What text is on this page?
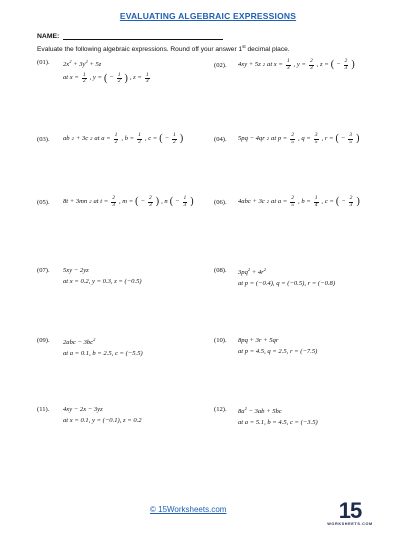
EVALUATING ALGEBRAIC EXPRESSIONS
NAME:
Evaluate the following algebraic expressions. Round off your answer 1st decimal place.
(01). $2x^2 + 3y^2 + 5z$
at $x = \frac{1}{2}$ , y = ( − $\frac{1}{2}$ ) , $z = \frac{1}{3}$
(02). 4xy + 5z 2 at $x = \frac{1}{3}$ , $y = \frac{2}{3}$ , z = ( − $\frac{2}{3}$ )
(03). ab 2 + 3c 2 at $a = \frac{1}{2}$ , $b = \frac{1}{2}$ , c = ( − $\frac{1}{2}$ )	(04). 5pq − 4qr 2 at $p = \frac{2}{5}$ , $q = \frac{3}{5}$ , r = ( − $\frac{3}{5}$ )
(05). 8t + 3mn 2 at $t = \frac{2}{3}$ , m = ( − $\frac{2}{3}$ ) , n ( − $\frac{1}{3}$ )	(06). 4abc + 3c 2 at $a = \frac{2}{5}$ , $b = \frac{1}{4}$ , c = ( − $\frac{2}{3}$ )
(07). 5xy − 2yz
at x = 0.2, y = 0.3, z = (−0.5)
(08). $3pq^2 + 4r^2$
at p = (−0.4), q = (−0.5), r = (−0.8)
(09). $2abc - 3bc^2$
at a = 0.1, b = 2.5, c = (−5.5)
(10). 8pq + 3r + 5qr
at p = 4.5, q = 2.5, r = (−7.5)
(11). 4xy − 2x − 3yz
at x = 0.1, y = (−0.1), z = 0.2
(12). $8a^2 - 3ab + 5bc$
at a = 5.1, b = 4.5, c = (−3.5)
© 15Worksheets.com	15
WORKSHEETS.COM
